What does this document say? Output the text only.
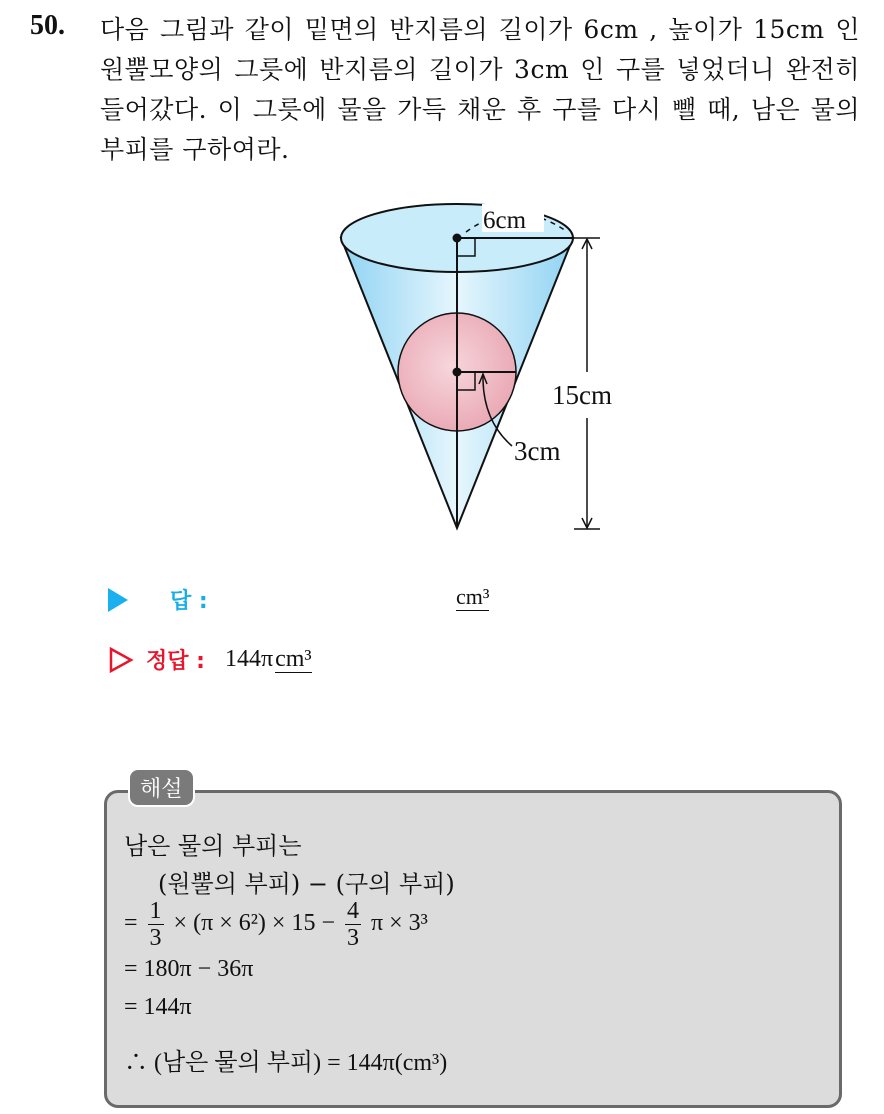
50. 다음 그림과 같이 밑면의 반지름의 길이가 6cm , 높이가 15cm 인 원뿔모양의 그릇에 반지름의 길이가 3cm 인 구를 넣었더니 완전히 들어갔다. 이 그릇에 물을 가득 채운 후 구를 다시 뺄 때, 남은 물의 부피를 구하여라.
6cm
15cm
3cm
답 :	cm³
정답 : 144πcm³
해설
남은 물의 부피는
(원뿔의 부피) − (구의 부피)
= $\frac{1}{3} \times (\pi \times 6^2) \times 15 - \frac{4}{3}$ π × 3³
= 180π − 36π
= 144π
∴ (남은 물의 부피) = 144π(cm³)
